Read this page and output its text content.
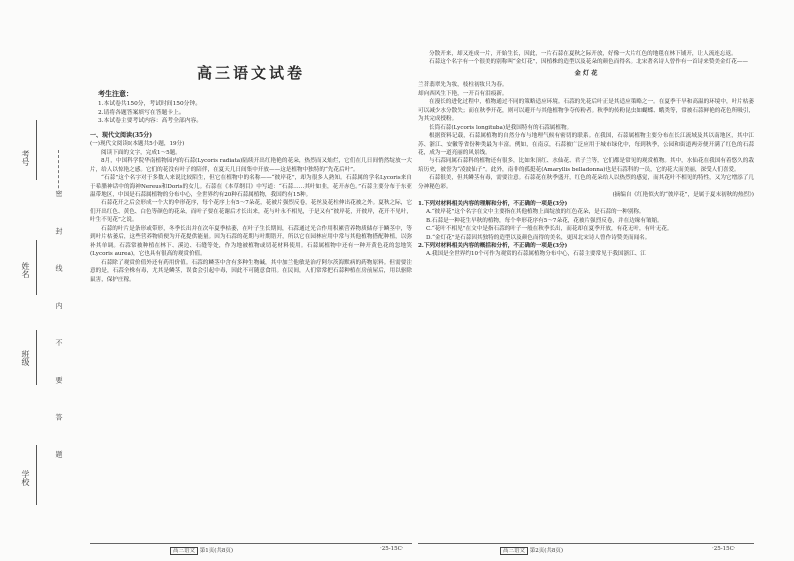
考号
姓名
班级
学校
密 封 线 内 不 要 答 题
高三语文试卷
考生注意：

1.本试卷共150分，考试时间150分钟。

2.请将各题答案填写在答题卡上。

3.本试卷主要考试内容：高考全部内容。

一、现代文阅读(35分)

(一)现代文阅读Ⅰ(本题共5小题，19分)

阅读下面的文字，完成1～5题。

8月，中国科学院华南植物园内的石蒜(Lycoris radiata)陆续开出红艳艳的花朵，热烈而又灿烂，它们在几日间悄然绽放一大片，给人以惊艳之感。它们的花没有叶子的陪伴，在夏天几日间集中开放——这是植物中独特的“先花后叶”。

“石蒜”这个名字对于多数人来说比较陌生，但它在植物中的名称——“彼岸花”，却为很多人熟知。石蒜属的学名Lycoris来自于希腊神话中的海神Nereus和Doris的女儿。石蒜在《本草纲目》中写道：“石蒜……其叶如韭，花开赤色。”石蒜主要分布于东亚温带地区，中国是石蒜属植物的分布中心，全世界约有20种石蒜属植物，我国约有15种。

石蒜花开之后会形成一个大的伞形花序，每个花序上有5～7朵花，花被片强烈反卷，花丝及花柱伸出花被之外。夏秋之际，它们开出红色、黄色、白色等颜色的花朵，而叶子要在花谢后才长出来，花与叶永不相见，于是又有“彼岸花，开彼岸，花开不见叶，叶生不见花”之说。

石蒜的叶片是条形或带形，冬季长出并在次年夏季枯萎，在叶子生长期间，石蒜通过光合作用积累营养物质储存于鳞茎中，等到叶片枯萎后，这些营养物质便为开花提供能量。因为石蒜的花期与叶期错开，所以它在园林应用中常与其他植物搭配种植，以弥补其单调。石蒜常被种植在林下、溪边、石缝等处，作为地被植物或切花材料使用。石蒜属植物中还有一种开黄色花的忽地笑(Lycoris aurea)，它也具有很高的观赏价值。

石蒜除了观赏价值外还有药用价值。石蒜的鳞茎中含有多种生物碱，其中加兰他敏是治疗阿尔茨海默病的药物原料。但需要注意的是，石蒜全株有毒，尤其是鳞茎，误食会引起中毒，因此不可随意食用。在民间，人们常常把石蒜种植在房前屋后，用以驱除鼠害，保护庄稼。

分散开来，却又连成一片，开始生长，因此，一片石蒜在夏秋之际开放，好像一大片红色的地毯在林下铺开，让人流连忘返。

石蒜这个名字有一个很美的别称叫“金灯花”，因植株的造型以及花朵的颜色而得名。北宋著名诗人曾作有一首诗来赞美金灯花——

金 灯 花

兰苕翡翠先为妆，枝柱初妆只为春。

却向西风生下艳，一开百有泪痕新。

在漫长的进化过程中，植物通过不同的策略适应环境。石蒜的先花后叶正是其适应策略之一。在夏季干旱和高温的环境中，叶片枯萎可以减少水分散失；而在秋季开花，则可以避开与其他植物争夺传粉者。秋季的传粉昆虫如蝴蝶、蛾类等，常被石蒜鲜艳的花色所吸引，为其完成授粉。

长筒石蒜(Lycoris longituba)是我国特有的石蒜属植物。

根据资料记载，石蒜属植物的自然分布与地理气候有密切的联系。在我国，石蒜属植物主要分布在长江流域及其以南地区，其中江苏、浙江、安徽等省份种类最为丰富。例如，在南京，石蒜被广泛应用于城市绿化中，每到秋季，公园和街道两旁便开满了红色的石蒜花，成为一道亮丽的风景线。

与石蒜同属石蒜科的植物还有很多，比如朱顶红、水仙花、君子兰等，它们都是常见的观赏植物。其中，水仙花在我国有着悠久的栽培历史，被誉为“凌波仙子”。此外，南非的孤挺花(Amaryllis belladonna)也是石蒜科的一员，它的花大而美丽，深受人们喜爱。

石蒜很美，但其鳞茎有毒，需要注意。石蒜花在秋季盛开，红色的花朵给人以热烈的感觉，而其花叶不相见的特性，又为它增添了几分神秘色彩。

(摘编自《红艳似火的“彼岸花”，是属于夏末初秋的热烈》)

1.下列对材料相关内容的理解和分析，不正确的一项是(3分)

A.“彼岸花”这个名字在文中主要指在其他植物上面绽放的红色花朵，是石蒜的一种别称。

B.石蒜是一种花生早秋的植物，每个伞形花序有5～7朵花，花被片强烈反卷，并在边缘有皱缩。

C.“花叶不相见”在文中是指石蒜的叶子一般在秋季长出，而花却在夏季开放，有花无叶，有叶无花。

D.“金灯花”是石蒜因其独特的造型以及颜色而得的美名，更因北宋诗人曾作诗赞美而闻名。

2.下列对材料相关内容的概括和分析，不正确的一项是(3分)

A.我国是全世界约10个可作为观赏的石蒜属植物分布中心，石蒜主要常见于我国浙江、江

高三语文 第1页(共8页)	·25-15C·	高三语文 第2页(共8页)	·25-15C·
